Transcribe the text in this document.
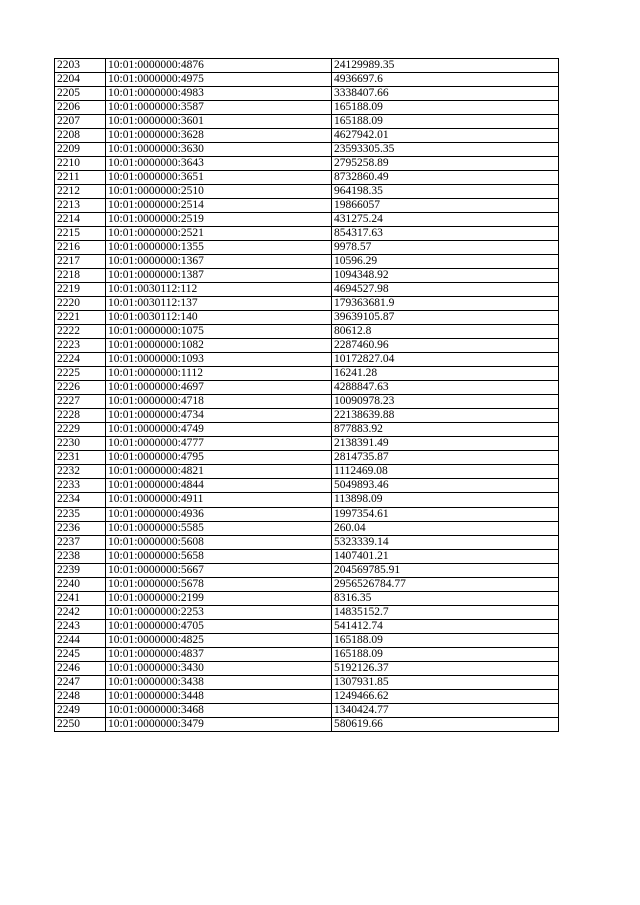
2203	10:01:0000000:4876	24129989.35
2204	10:01:0000000:4975	4936697.6
2205	10:01:0000000:4983	3338407.66
2206	10:01:0000000:3587	165188.09
2207	10:01:0000000:3601	165188.09
2208	10:01:0000000:3628	4627942.01
2209	10:01:0000000:3630	23593305.35
2210	10:01:0000000:3643	2795258.89
2211	10:01:0000000:3651	8732860.49
2212	10:01:0000000:2510	964198.35
2213	10:01:0000000:2514	19866057
2214	10:01:0000000:2519	431275.24
2215	10:01:0000000:2521	854317.63
2216	10:01:0000000:1355	9978.57
2217	10:01:0000000:1367	10596.29
2218	10:01:0000000:1387	1094348.92
2219	10:01:0030112:112	4694527.98
2220	10:01:0030112:137	179363681.9
2221	10:01:0030112:140	39639105.87
2222	10:01:0000000:1075	80612.8
2223	10:01:0000000:1082	2287460.96
2224	10:01:0000000:1093	10172827.04
2225	10:01:0000000:1112	16241.28
2226	10:01:0000000:4697	4288847.63
2227	10:01:0000000:4718	10090978.23
2228	10:01:0000000:4734	22138639.88
2229	10:01:0000000:4749	877883.92
2230	10:01:0000000:4777	2138391.49
2231	10:01:0000000:4795	2814735.87
2232	10:01:0000000:4821	1112469.08
2233	10:01:0000000:4844	5049893.46
2234	10:01:0000000:4911	113898.09
2235	10:01:0000000:4936	1997354.61
2236	10:01:0000000:5585	260.04
2237	10:01:0000000:5608	5323339.14
2238	10:01:0000000:5658	1407401.21
2239	10:01:0000000:5667	204569785.91
2240	10:01:0000000:5678	2956526784.77
2241	10:01:0000000:2199	8316.35
2242	10:01:0000000:2253	14835152.7
2243	10:01:0000000:4705	541412.74
2244	10:01:0000000:4825	165188.09
2245	10:01:0000000:4837	165188.09
2246	10:01:0000000:3430	5192126.37
2247	10:01:0000000:3438	1307931.85
2248	10:01:0000000:3448	1249466.62
2249	10:01:0000000:3468	1340424.77
2250	10:01:0000000:3479	580619.66
